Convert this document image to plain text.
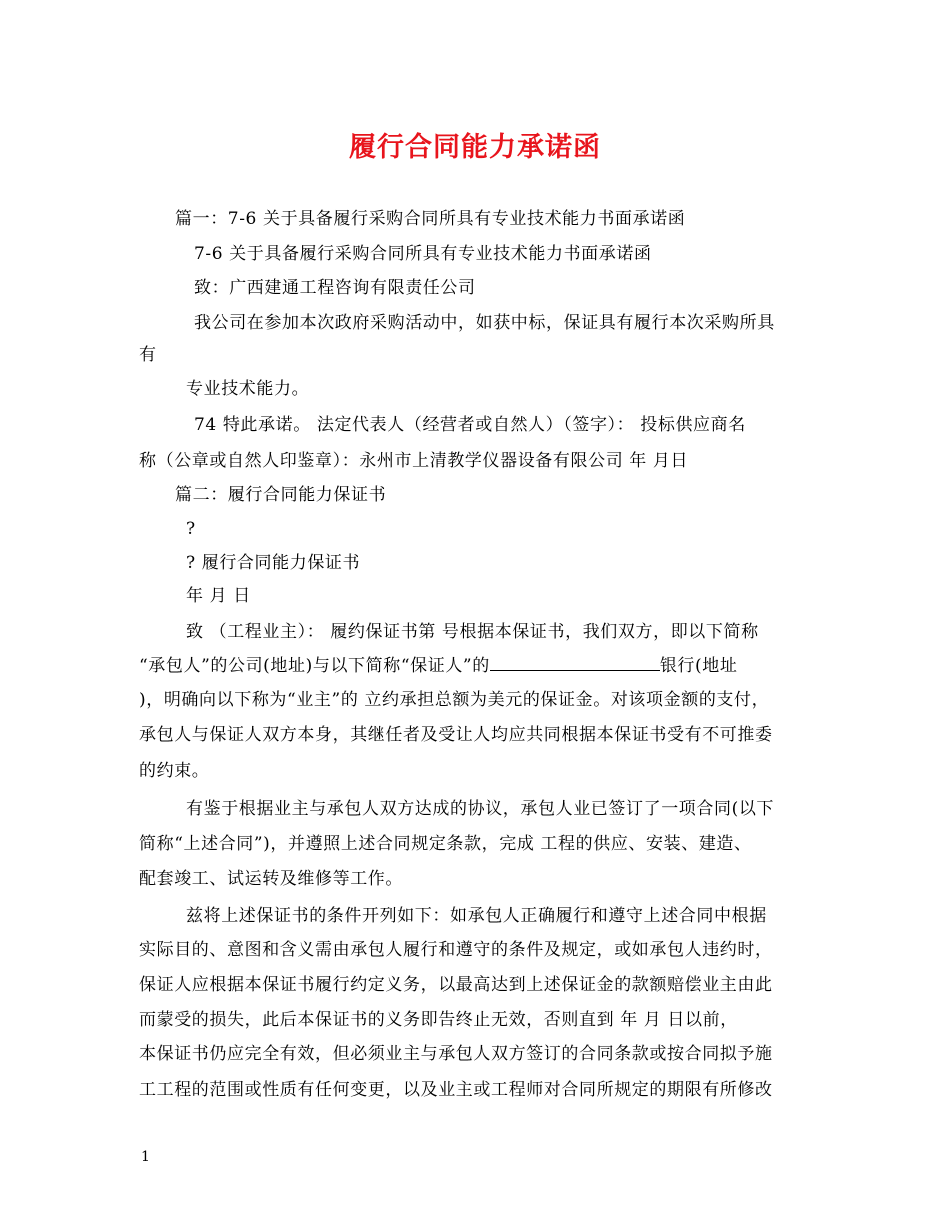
履行合同能力承诺函
篇一：7-6 关于具备履行采购合同所具有专业技术能力书面承诺函
7-6 关于具备履行采购合同所具有专业技术能力书面承诺函
致：广西建通工程咨询有限责任公司
我公司在参加本次政府采购活动中，如获中标，保证具有履行本次采购所具
有
专业技术能力。
74 特此承诺。 法定代表人（经营者或自然人）（签字）： 投标供应商名
称（公章或自然人印鉴章）：永州市上清教学仪器设备有限公司 年 月日
篇二：履行合同能力保证书
?
? 履行合同能力保证书
年 月 日
致 （工程业主）： 履约保证书第 号根据本保证书，我们双方，即以下简称
“承包人”的公司(地址)与以下简称“保证人”的	银行(地址
)，明确向以下称为“业主”的 立约承担总额为美元的保证金。对该项金额的支付，
承包人与保证人双方本身，其继任者及受让人均应共同根据本保证书受有不可推委
的约束。
有鉴于根据业主与承包人双方达成的协议，承包人业已签订了一项合同(以下
简称“上述合同”)，并遵照上述合同规定条款，完成 工程的供应、安装、建造、
配套竣工、试运转及维修等工作。
兹将上述保证书的条件开列如下：如承包人正确履行和遵守上述合同中根据
实际目的、意图和含义需由承包人履行和遵守的条件及规定，或如承包人违约时，
保证人应根据本保证书履行约定义务，以最高达到上述保证金的款额赔偿业主由此
而蒙受的损失，此后本保证书的义务即告终止无效，否则直到 年 月 日以前，
本保证书仍应完全有效，但必须业主与承包人双方签订的合同条款或按合同拟予施
工工程的范围或性质有任何变更，以及业主或工程师对合同所规定的期限有所修改
1
